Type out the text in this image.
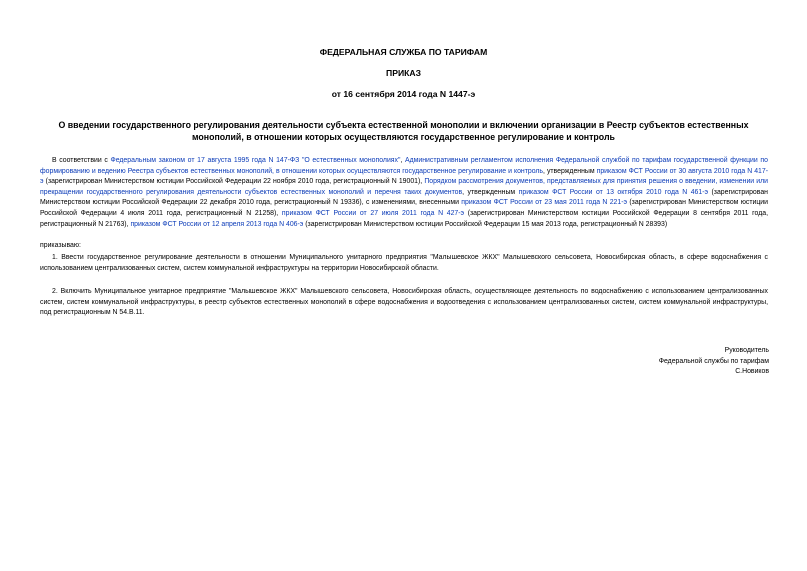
ФЕДЕРАЛЬНАЯ СЛУЖБА ПО ТАРИФАМ
ПРИКАЗ
от 16 сентября 2014 года N 1447-э
О введении государственного регулирования деятельности субъекта естественной монополии и включении организации в Реестр субъектов естественных монополий, в отношении которых осуществляются государственное регулирование и контроль
В соответствии с Федеральным законом от 17 августа 1995 года N 147-ФЗ "О естественных монополиях", Административным регламентом исполнения Федеральной службой по тарифам государственной функции по формированию и ведению Реестра субъектов естественных монополий, в отношении которых осуществляются государственное регулирование и контроль, утвержденным приказом ФСТ России от 30 августа 2010 года N 417-э (зарегистрирован Министерством юстиции Российской Федерации 22 ноября 2010 года, регистрационный N 19001), Порядком рассмотрения документов, представляемых для принятия решения о введении, изменении или прекращении государственного регулирования деятельности субъектов естественных монополий и перечня таких документов, утвержденным приказом ФСТ России от 13 октября 2010 года N 461-э (зарегистрирован Министерством юстиции Российской Федерации 22 декабря 2010 года, регистрационный N 19336), с изменениями, внесенными приказом ФСТ России от 23 мая 2011 года N 221-э (зарегистрирован Министерством юстиции Российской Федерации 4 июля 2011 года, регистрационный N 21258), приказом ФСТ России от 27 июля 2011 года N 427-э (зарегистрирован Министерством юстиции Российской Федерации 8 сентября 2011 года, регистрационный N 21763), приказом ФСТ России от 12 апреля 2013 года N 406-э (зарегистрирован Министерством юстиции Российской Федерации 15 мая 2013 года, регистрационный N 28393)
приказываю:
1. Ввести государственное регулирование деятельности в отношении Муниципального унитарного предприятия "Малышевское ЖКХ" Малышевского сельсовета, Новосибирская область, в сфере водоснабжения с использованием централизованных систем, систем коммунальной инфраструктуры на территории Новосибирской области.
2. Включить Муниципальное унитарное предприятие "Малышевское ЖКХ" Малышевского сельсовета, Новосибирская область, осуществляющее деятельность по водоснабжению с использованием централизованных систем, систем коммунальной инфраструктуры, в реестр субъектов естественных монополий в сфере водоснабжения и водоотведения с использованием централизованных систем, систем коммунальной инфраструктуры, под регистрационным N 54.В.11.
Руководитель
Федеральной службы по тарифам
С.Новиков
